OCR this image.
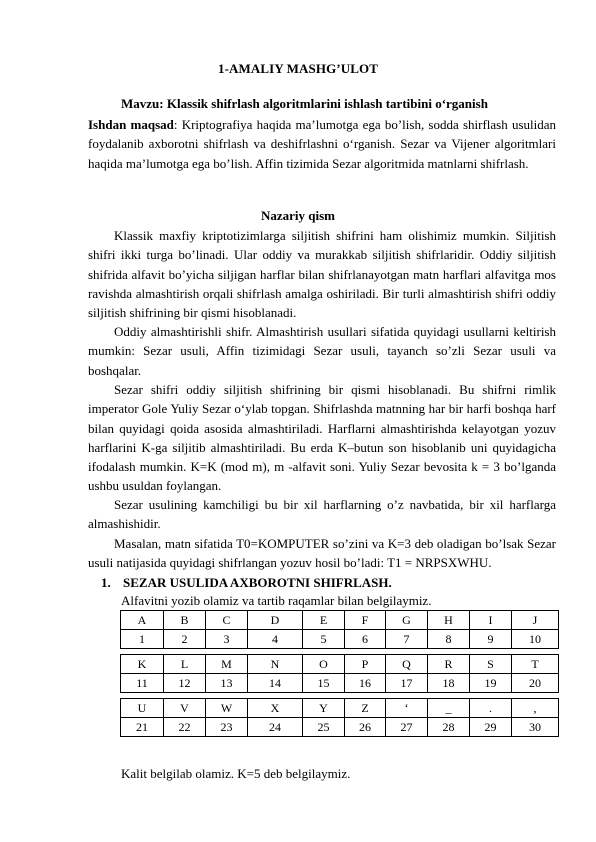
1-AMALIY MASHG’ULOT
Mavzu: Klassik shifrlash algoritmlarini ishlash tartibini o‘rganish

Ishdan maqsad: Kriptografiya haqida ma’lumotga ega bo’lish, sodda shirflash usulidan foydalanib axborotni shifrlash va deshifrlashni o‘rganish. Sezar va Vijener algoritmlari haqida ma’lumotga ega bo’lish. Affin tizimida Sezar algoritmida matnlarni shifrlash.

Nazariy qism

Klassik maxfiy kriptotizimlarga siljitish shifrini ham olishimiz mumkin. Siljitish shifri ikki turga bo’linadi. Ular oddiy va murakkab siljitish shifrlaridir. Oddiy siljitish shifrida alfavit bo’yicha siljigan harflar bilan shifrlanayotgan matn harflari alfavitga mos ravishda almashtirish orqali shifrlash amalga oshiriladi. Bir turli almashtirish shifri oddiy siljitish shifrining bir qismi hisoblanadi.

Oddiy almashtirishli shifr. Almashtirish usullari sifatida quyidagi usullarni keltirish mumkin: Sezar usuli, Affin tizimidagi Sezar usuli, tayanch so’zli Sezar usuli va boshqalar.

Sezar shifri oddiy siljitish shifrining bir qismi hisoblanadi. Bu shifrni rimlik imperator Gole Yuliy Sezar o‘ylab topgan. Shifrlashda matnning har bir harfi boshqa harf bilan quyidagi qoida asosida almashtiriladi. Harflarni almashtirishda kelayotgan yozuv harflarini K-ga siljitib almashtiriladi. Bu erda K–butun son hisoblanib uni quyidagicha ifodalash mumkin. K=K (mod m), m -alfavit soni. Yuliy Sezar bevosita k = 3 bo’lganda ushbu usuldan foylangan.

Sezar usulining kamchiligi bu bir xil harflarning o’z navbatida, bir xil harflarga almashishidir.

Masalan, matn sifatida T0=KOMPUTER so’zini va K=3 deb oladigan bo’lsak Sezar usuli natijasida quyidagi shifrlangan yozuv hosil bo’ladi: T1 = NRPSXWHU.

1. SEZAR USULIDA AXBOROTNI SHIFRLASH.
Alfavitni yozib olamiz va tartib raqamlar bilan belgilaymiz.
A	B	C	D	E	F	G	H	I	J
1	2	3	4	5	6	7	8	9	10

K	L	M	N	O	P	Q	R	S	T
11	12	13	14	15	16	17	18	19	20

U	V	W	X	Y	Z	‘	_	.	,
21	22	23	24	25	26	27	28	29	30
Kalit belgilab olamiz. K=5 deb belgilaymiz.
